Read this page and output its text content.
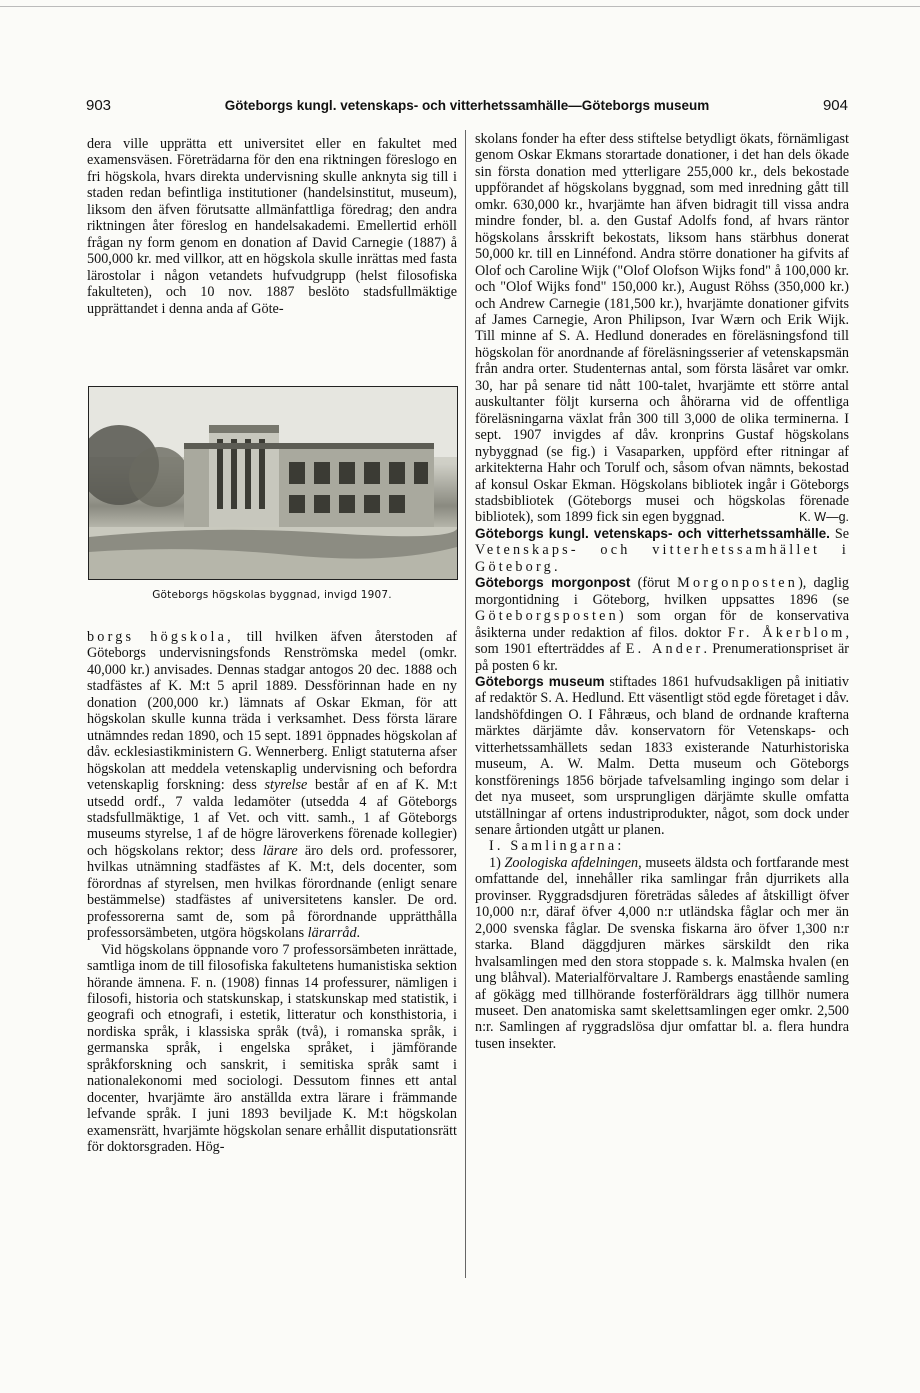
903	Göteborgs kungl. vetenskaps- och vitterhetssamhälle—Göteborgs museum	904

dera ville upprätta ett universitet eller en fakultet med examensväsen. Företrädarna för den ena riktningen föreslogo en fri högskola, hvars direkta undervisning skulle anknyta sig till i staden redan befintliga institutioner (handelsinstitut, museum), liksom den äfven förutsatte allmänfattliga föredrag; den andra riktningen åter föreslog en handelsakademi. Emellertid erhöll frågan ny form genom en donation af David Carnegie (1887) å 500,000 kr. med villkor, att en högskola skulle inrättas med fasta lärostolar i någon vetandets hufvudgrupp (helst filosofiska fakulteten), och 10 nov. 1887 beslöto stadsfullmäktige upprättandet i denna anda af Göte-

Göteborgs högskolas byggnad, invigd 1907.

borgs högskola, till hvilken äfven återstoden af Göteborgs undervisningsfonds Renströmska medel (omkr. 40,000 kr.) anvisades. Dennas stadgar antogos 20 dec. 1888 och stadfästes af K. M:t 5 april 1889. Dessförinnan hade en ny donation (200,000 kr.) lämnats af Oskar Ekman, för att högskolan skulle kunna träda i verksamhet. Dess första lärare utnämndes redan 1890, och 15 sept. 1891 öppnades högskolan af dåv. ecklesiastikministern G. Wennerberg. Enligt statuterna afser högskolan att meddela vetenskaplig undervisning och befordra vetenskaplig forskning: dess styrelse består af en af K. M:t utsedd ordf., 7 valda ledamöter (utsedda 4 af Göteborgs stadsfullmäktige, 1 af Vet. och vitt. samh., 1 af Göteborgs museums styrelse, 1 af de högre läroverkens förenade kollegier) och högskolans rektor; dess lärare äro dels ord. professorer, hvilkas utnämning stadfästes af K. M:t, dels docenter, som förordnas af styrelsen, men hvilkas förordnande (enligt senare bestämmelse) stadfästes af universitetens kansler. De ord. professorerna samt de, som på förordnande upprätthålla professorsämbeten, utgöra högskolans lärarråd.

Vid högskolans öppnande voro 7 professorsämbeten inrättade, samtliga inom de till filosofiska fakultetens humanistiska sektion hörande ämnena. F. n. (1908) finnas 14 professurer, nämligen i filosofi, historia och statskunskap, i statskunskap med statistik, i geografi och etnografi, i estetik, litteratur och konsthistoria, i nordiska språk, i klassiska språk (två), i romanska språk, i germanska språk, i engelska språket, i jämförande språkforskning och sanskrit, i semitiska språk samt i nationalekonomi med sociologi. Dessutom finnes ett antal docenter, hvarjämte äro anställda extra lärare i främmande lefvande språk. I juni 1893 beviljade K. M:t högskolan examensrätt, hvarjämte högskolan senare erhållit disputationsrätt för doktorsgraden. Hög-

skolans fonder ha efter dess stiftelse betydligt ökats, förnämligast genom Oskar Ekmans storartade donationer, i det han dels ökade sin första donation med ytterligare 255,000 kr., dels bekostade uppförandet af högskolans byggnad, som med inredning gått till omkr. 630,000 kr., hvarjämte han äfven bidragit till vissa andra mindre fonder, bl. a. den Gustaf Adolfs fond, af hvars räntor högskolans årsskrift bekostats, liksom hans stärbhus donerat 50,000 kr. till en Linnéfond. Andra större donationer ha gifvits af Olof och Caroline Wijk ("Olof Olofson Wijks fond" å 100,000 kr. och "Olof Wijks fond" 150,000 kr.), August Röhss (350,000 kr.) och Andrew Carnegie (181,500 kr.), hvarjämte donationer gifvits af James Carnegie, Aron Philipson, Ivar Wærn och Erik Wijk. Till minne af S. A. Hedlund donerades en föreläsningsfond till högskolan för anordnande af föreläsningsserier af vetenskapsmän från andra orter. Studenternas antal, som första läsåret var omkr. 30, har på senare tid nått 100-talet, hvarjämte ett större antal auskultanter följt kurserna och åhörarna vid de offentliga föreläsningarna växlat från 300 till 3,000 de olika terminerna. I sept. 1907 invigdes af dåv. kronprins Gustaf högskolans nybyggnad (se fig.) i Vasaparken, uppförd efter ritningar af arkitekterna Hahr och Torulf och, såsom ofvan nämnts, bekostad af konsul Oskar Ekman. Högskolans bibliotek ingår i Göteborgs stadsbibliotek (Göteborgs musei och högskolas förenade bibliotek), som 1899 fick sin egen byggnad.	K. W—g.

Göteborgs kungl. vetenskaps- och vitterhetssamhälle. Se Vetenskaps- och vitterhetssamhället i Göteborg.

Göteborgs morgonpost (förut Morgonposten), daglig morgontidning i Göteborg, hvilken uppsattes 1896 (se Göteborgsposten) som organ för de konservativa åsikterna under redaktion af filos. doktor Fr. Åkerblom, som 1901 efterträddes af E. Ander. Prenumerationspriset är på posten 6 kr.

Göteborgs museum stiftades 1861 hufvudsakligen på initiativ af redaktör S. A. Hedlund. Ett väsentligt stöd egde företaget i dåv. landshöfdingen O. I Fåhræus, och bland de ordnande krafterna märktes därjämte dåv. konservatorn för Vetenskaps- och vitterhetssamhällets sedan 1833 existerande Naturhistoriska museum, A. W. Malm. Detta museum och Göteborgs konstförenings 1856 började tafvelsamling ingingo som delar i det nya museet, som ursprungligen därjämte skulle omfatta utställningar af ortens industriprodukter, något, som dock under senare årtionden utgått ur planen.

I. Samlingarna:

1) Zoologiska afdelningen, museets äldsta och fortfarande mest omfattande del, innehåller rika samlingar från djurrikets alla provinser. Ryggradsdjuren företrädas således af åtskilligt öfver 10,000 n:r, däraf öfver 4,000 n:r utländska fåglar och mer än 2,000 svenska fåglar. De svenska fiskarna äro öfver 1,300 n:r starka. Bland däggdjuren märkes särskildt den rika hvalsamlingen med den stora stoppade s. k. Malmska hvalen (en ung blåhval). Materialförvaltare J. Rambergs enastående samling af gökägg med tillhörande fosterföräldrars ägg tillhör numera museet. Den anatomiska samt skelettsamlingen eger omkr. 2,500 n:r. Samlingen af ryggradslösa djur omfattar bl. a. flera hundra tusen insekter.
